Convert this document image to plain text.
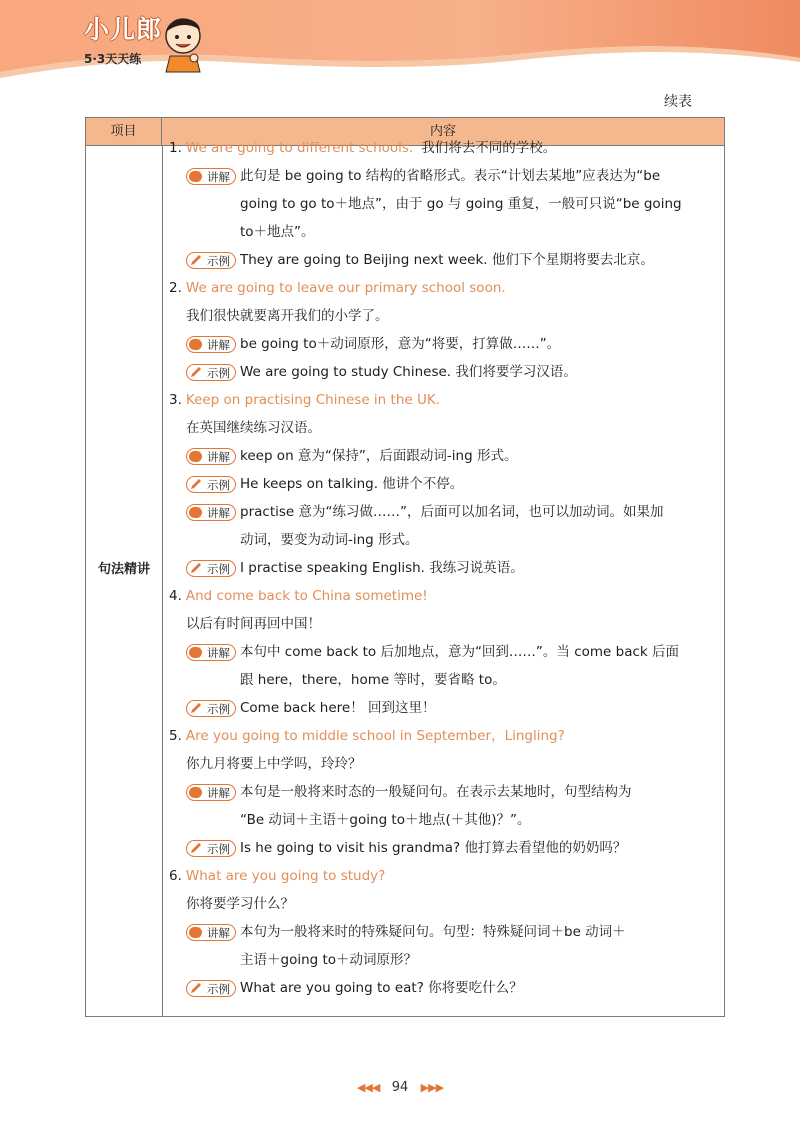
小儿郎
5·3天天练
续表
项目	内容
句法精讲
1. We are going to different schools. 我们将去不同的学校。
讲解 此句是 be going to 结构的省略形式。表示“计划去某地”应表达为“be
going to go to＋地点”，由于 go 与 going 重复，一般可只说“be going
to＋地点”。
示例 They are going to Beijing next week. 他们下个星期将要去北京。
2. We are going to leave our primary school soon.
我们很快就要离开我们的小学了。
讲解 be going to＋动词原形，意为“将要，打算做……”。
示例 We are going to study Chinese. 我们将要学习汉语。
3. Keep on practising Chinese in the UK.
在英国继续练习汉语。
讲解 keep on 意为“保持”，后面跟动词-ing 形式。
示例 He keeps on talking. 他讲个不停。
讲解 practise 意为“练习做……”，后面可以加名词，也可以加动词。如果加
动词，要变为动词-ing 形式。
示例 I practise speaking English. 我练习说英语。
4. And come back to China sometime!
以后有时间再回中国！
讲解 本句中 come back to 后加地点，意为“回到……”。当 come back 后面
跟 here，there，home 等时，要省略 to。
示例 Come back here！ 回到这里！
5. Are you going to middle school in September，Lingling?
你九月将要上中学吗，玲玲？
讲解 本句是一般将来时态的一般疑问句。在表示去某地时，句型结构为
“Be 动词＋主语＋going to＋地点(＋其他)？”。
示例 Is he going to visit his grandma? 他打算去看望他的奶奶吗？
6. What are you going to study?
你将要学习什么？
讲解 本句为一般将来时的特殊疑问句。句型：特殊疑问词＋be 动词＋
主语＋going to＋动词原形？
示例 What are you going to eat? 你将要吃什么？
◀◀◀ 94 ▶▶▶
